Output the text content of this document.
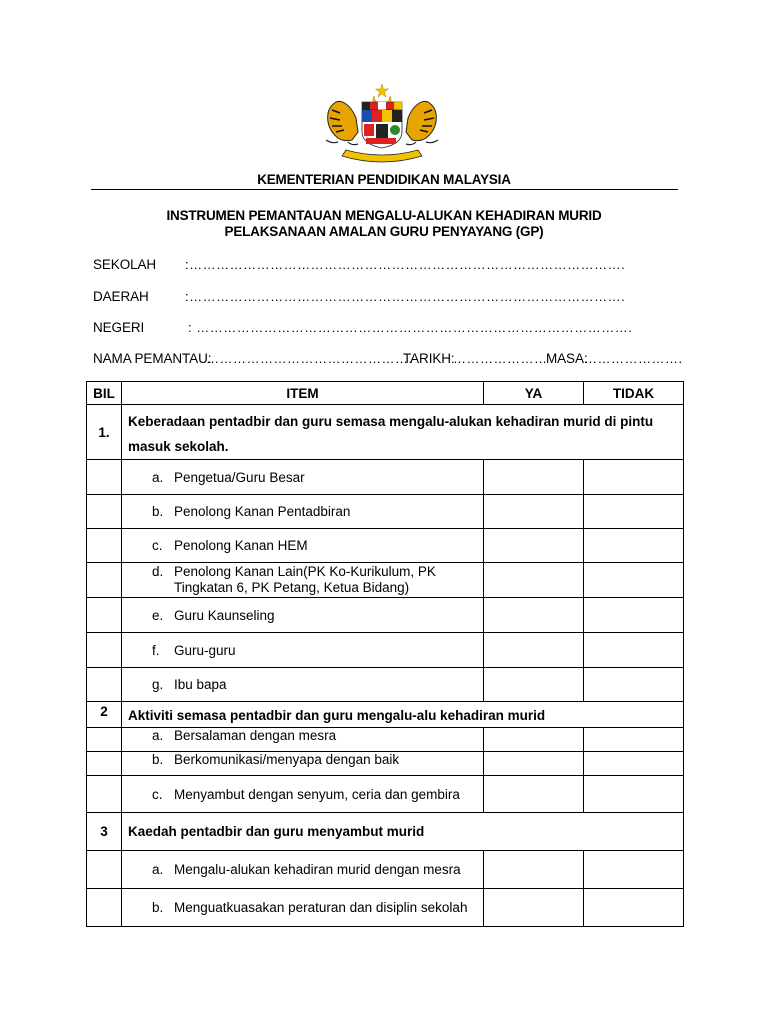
KEMENTERIAN PENDIDIKAN MALAYSIA
INSTRUMEN PEMANTAUAN MENGALU-ALUKAN KEHADIRAN MURID
PELAKSANAAN AMALAN GURU PENYAYANG (GP)
SEKOLAH :…………………………………………………………………………………….
DAERAH	:…………………………………………………………………………………….
NEGERI	: …………………………………………………………………………………….
NAMA PEMANTAU:
……………………………………….
TARIKH:
…………………
MASA:
………………….
BIL	ITEM	YA	TIDAK
1.	Keberadaan pentadbir dan guru semasa mengalu-alukan kehadiran murid di pintu masuk sekolah.		
	a. Pengetua/Guru Besar		
	b. Penolong Kanan Pentadbiran		
	c. Penolong Kanan HEM		
	d. Penolong Kanan Lain(PK Ko-Kurikulum, PK Tingkatan 6, PK Petang, Ketua Bidang)		
	e. Guru Kaunseling		
	f. Guru-guru		
	g. Ibu bapa		
2	Aktiviti semasa pentadbir dan guru mengalu-alu kehadiran murid		
	a. Bersalaman dengan mesra		
	b. Berkomunikasi/menyapa dengan baik		
	c. Menyambut dengan senyum, ceria dan gembira		
3	Kaedah pentadbir dan guru menyambut murid		
	a. Mengalu-alukan kehadiran murid dengan mesra		
	b. Menguatkuasakan peraturan dan disiplin sekolah		
